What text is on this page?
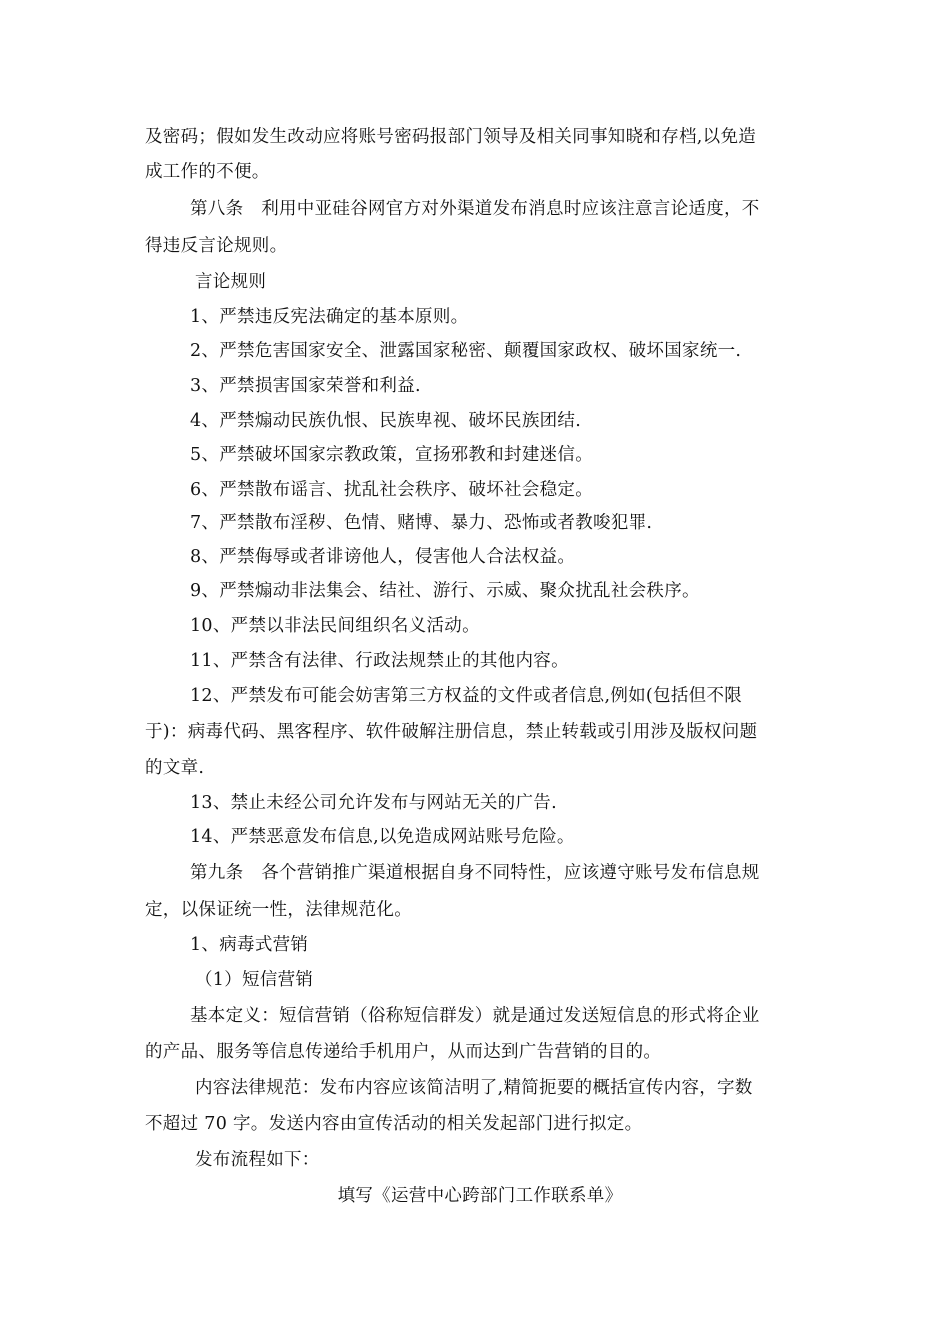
及密码；假如发生改动应将账号密码报部门领导及相关同事知晓和存档,以免造
成工作的不便。
第八条　利用中亚硅谷网官方对外渠道发布消息时应该注意言论适度，不
得违反言论规则。
言论规则
1、严禁违反宪法确定的基本原则。
2、严禁危害国家安全、泄露国家秘密、颠覆国家政权、破坏国家统一.
3、严禁损害国家荣誉和利益.
4、严禁煽动民族仇恨、民族卑视、破坏民族团结.
5、严禁破坏国家宗教政策，宣扬邪教和封建迷信。
6、严禁散布谣言、扰乱社会秩序、破坏社会稳定。
7、严禁散布淫秽、色情、赌博、暴力、恐怖或者教唆犯罪.
8、严禁侮辱或者诽谤他人，侵害他人合法权益。
9、严禁煽动非法集会、结社、游行、示威、聚众扰乱社会秩序。
10、严禁以非法民间组织名义活动。
11、严禁含有法律、行政法规禁止的其他内容。
12、严禁发布可能会妨害第三方权益的文件或者信息,例如(包括但不限
于)：病毒代码、黑客程序、软件破解注册信息，禁止转载或引用涉及版权问题
的文章.
13、禁止未经公司允许发布与网站无关的广告.
14、严禁恶意发布信息,以免造成网站账号危险。
第九条　各个营销推广渠道根据自身不同特性，应该遵守账号发布信息规
定，以保证统一性，法律规范化。
1、病毒式营销
（1）短信营销
基本定义：短信营销（俗称短信群发）就是通过发送短信息的形式将企业
的产品、服务等信息传递给手机用户，从而达到广告营销的目的。
内容法律规范：发布内容应该简洁明了,精简扼要的概括宣传内容，字数
不超过 70 字。发送内容由宣传活动的相关发起部门进行拟定。
发布流程如下：
填写《运营中心跨部门工作联系单》
